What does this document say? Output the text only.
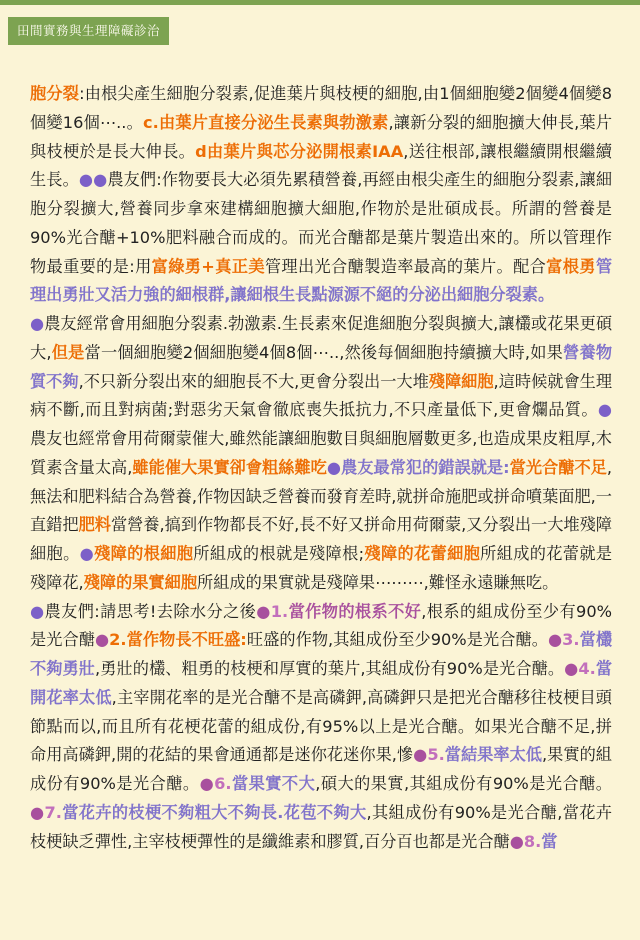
田間實務與生理障礙診治

胞分裂:由根尖產生細胞分裂素,促進葉片與枝梗的細胞,由1個細胞變2個變4個變8個變16個⋯..。c.由葉片直接分泌生長素與勃激素,讓新分裂的細胞擴大伸長,葉片與枝梗於是長大伸長。d由葉片與芯分泌開根素IAA,送往根部,讓根繼續開根繼續生長。●●農友們:作物要長大必須先累積營養,再經由根尖產生的細胞分裂素,讓細胞分裂擴大,營養同步拿來建構細胞擴大細胞,作物於是壯碩成長。所謂的營養是90%光合醣+10%肥料融合而成的。而光合醣都是葉片製造出來的。所以管理作物最重要的是:用富綠勇+真正美管理出光合醣製造率最高的葉片。配合富根勇管理出勇壯又活力強的細根群,讓細根生長點源源不絕的分泌出細胞分裂素。

●農友經常會用細胞分裂素.勃激素.生長素來促進細胞分裂與擴大,讓欉或花果更碩大,但是當一個細胞變2個細胞變4個8個⋯..,然後每個細胞持續擴大時,如果營養物質不夠,不只新分裂出來的細胞長不大,更會分裂出一大堆殘障細胞,這時候就會生理病不斷,而且對病菌;對惡劣天氣會徹底喪失抵抗力,不只產量低下,更會爛品質。●農友也經常會用荷爾蒙催大,雖然能讓細胞數目與細胞層數更多,也造成果皮粗厚,木質素含量太高,雖能催大果實卻會粗絲難吃●農友最常犯的錯誤就是:當光合醣不足,無法和肥料結合為營養,作物因缺乏營養而發育差時,就拼命施肥或拼命噴葉面肥,一直錯把肥料當營養,搞到作物都長不好,長不好又拼命用荷爾蒙,又分裂出一大堆殘障細胞。●殘障的根細胞所組成的根就是殘障根;殘障的花蕾細胞所組成的花蕾就是殘障花,殘障的果實細胞所組成的果實就是殘障果⋯⋯⋯,難怪永遠賺無吃。

●農友們:請思考!去除水分之後●1.當作物的根系不好,根系的組成份至少有90%是光合醣●2.當作物長不旺盛:旺盛的作物,其組成份至少90%是光合醣。●3.當欉不夠勇壯,勇壯的欉、粗勇的枝梗和厚實的葉片,其組成份有90%是光合醣。●4.當開花率太低,主宰開花率的是光合醣不是高磷鉀,高磷鉀只是把光合醣移往枝梗目頭節點而以,而且所有花梗花蕾的組成份,有95%以上是光合醣。如果光合醣不足,拼命用高磷鉀,開的花結的果會通通都是迷你花迷你果,慘●5.當結果率太低,果實的組成份有90%是光合醣。●6.當果實不大,碩大的果實,其組成份有90%是光合醣。●7.當花卉的枝梗不夠粗大不夠長.花苞不夠大,其組成份有90%是光合醣,當花卉枝梗缺乏彈性,主宰枝梗彈性的是纖維素和膠質,百分百也都是光合醣●8.當
